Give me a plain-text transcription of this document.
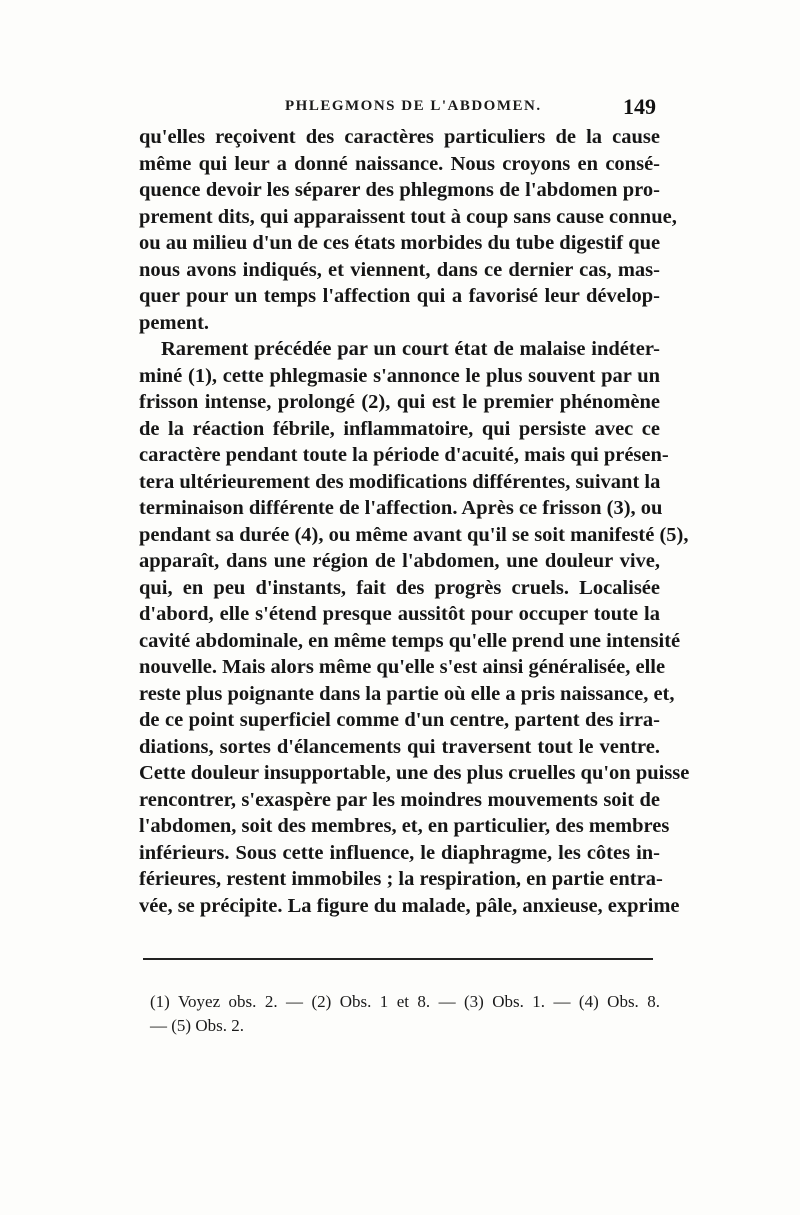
PHLEGMONS DE L'ABDOMEN.	149
qu'elles reçoivent des caractères particuliers de la cause
même qui leur a donné naissance. Nous croyons en consé-
quence devoir les séparer des phlegmons de l'abdomen pro-
prement dits, qui apparaissent tout à coup sans cause connue,
ou au milieu d'un de ces états morbides du tube digestif que
nous avons indiqués, et viennent, dans ce dernier cas, mas-
quer pour un temps l'affection qui a favorisé leur dévelop-
pement.
Rarement précédée par un court état de malaise indéter-
miné (1), cette phlegmasie s'annonce le plus souvent par un
frisson intense, prolongé (2), qui est le premier phénomène
de la réaction fébrile, inflammatoire, qui persiste avec ce
caractère pendant toute la période d'acuité, mais qui présen-
tera ultérieurement des modifications différentes, suivant la
terminaison différente de l'affection. Après ce frisson (3), ou
pendant sa durée (4), ou même avant qu'il se soit manifesté (5),
apparaît, dans une région de l'abdomen, une douleur vive,
qui, en peu d'instants, fait des progrès cruels. Localisée
d'abord, elle s'étend presque aussitôt pour occuper toute la
cavité abdominale, en même temps qu'elle prend une intensité
nouvelle. Mais alors même qu'elle s'est ainsi généralisée, elle
reste plus poignante dans la partie où elle a pris naissance, et,
de ce point superficiel comme d'un centre, partent des irra-
diations, sortes d'élancements qui traversent tout le ventre.
Cette douleur insupportable, une des plus cruelles qu'on puisse
rencontrer, s'exaspère par les moindres mouvements soit de
l'abdomen, soit des membres, et, en particulier, des membres
inférieurs. Sous cette influence, le diaphragme, les côtes in-
férieures, restent immobiles ; la respiration, en partie entra-
vée, se précipite. La figure du malade, pâle, anxieuse, exprime
(1) Voyez obs. 2. — (2) Obs. 1 et 8. — (3) Obs. 1. — (4) Obs. 8.
— (5) Obs. 2.
